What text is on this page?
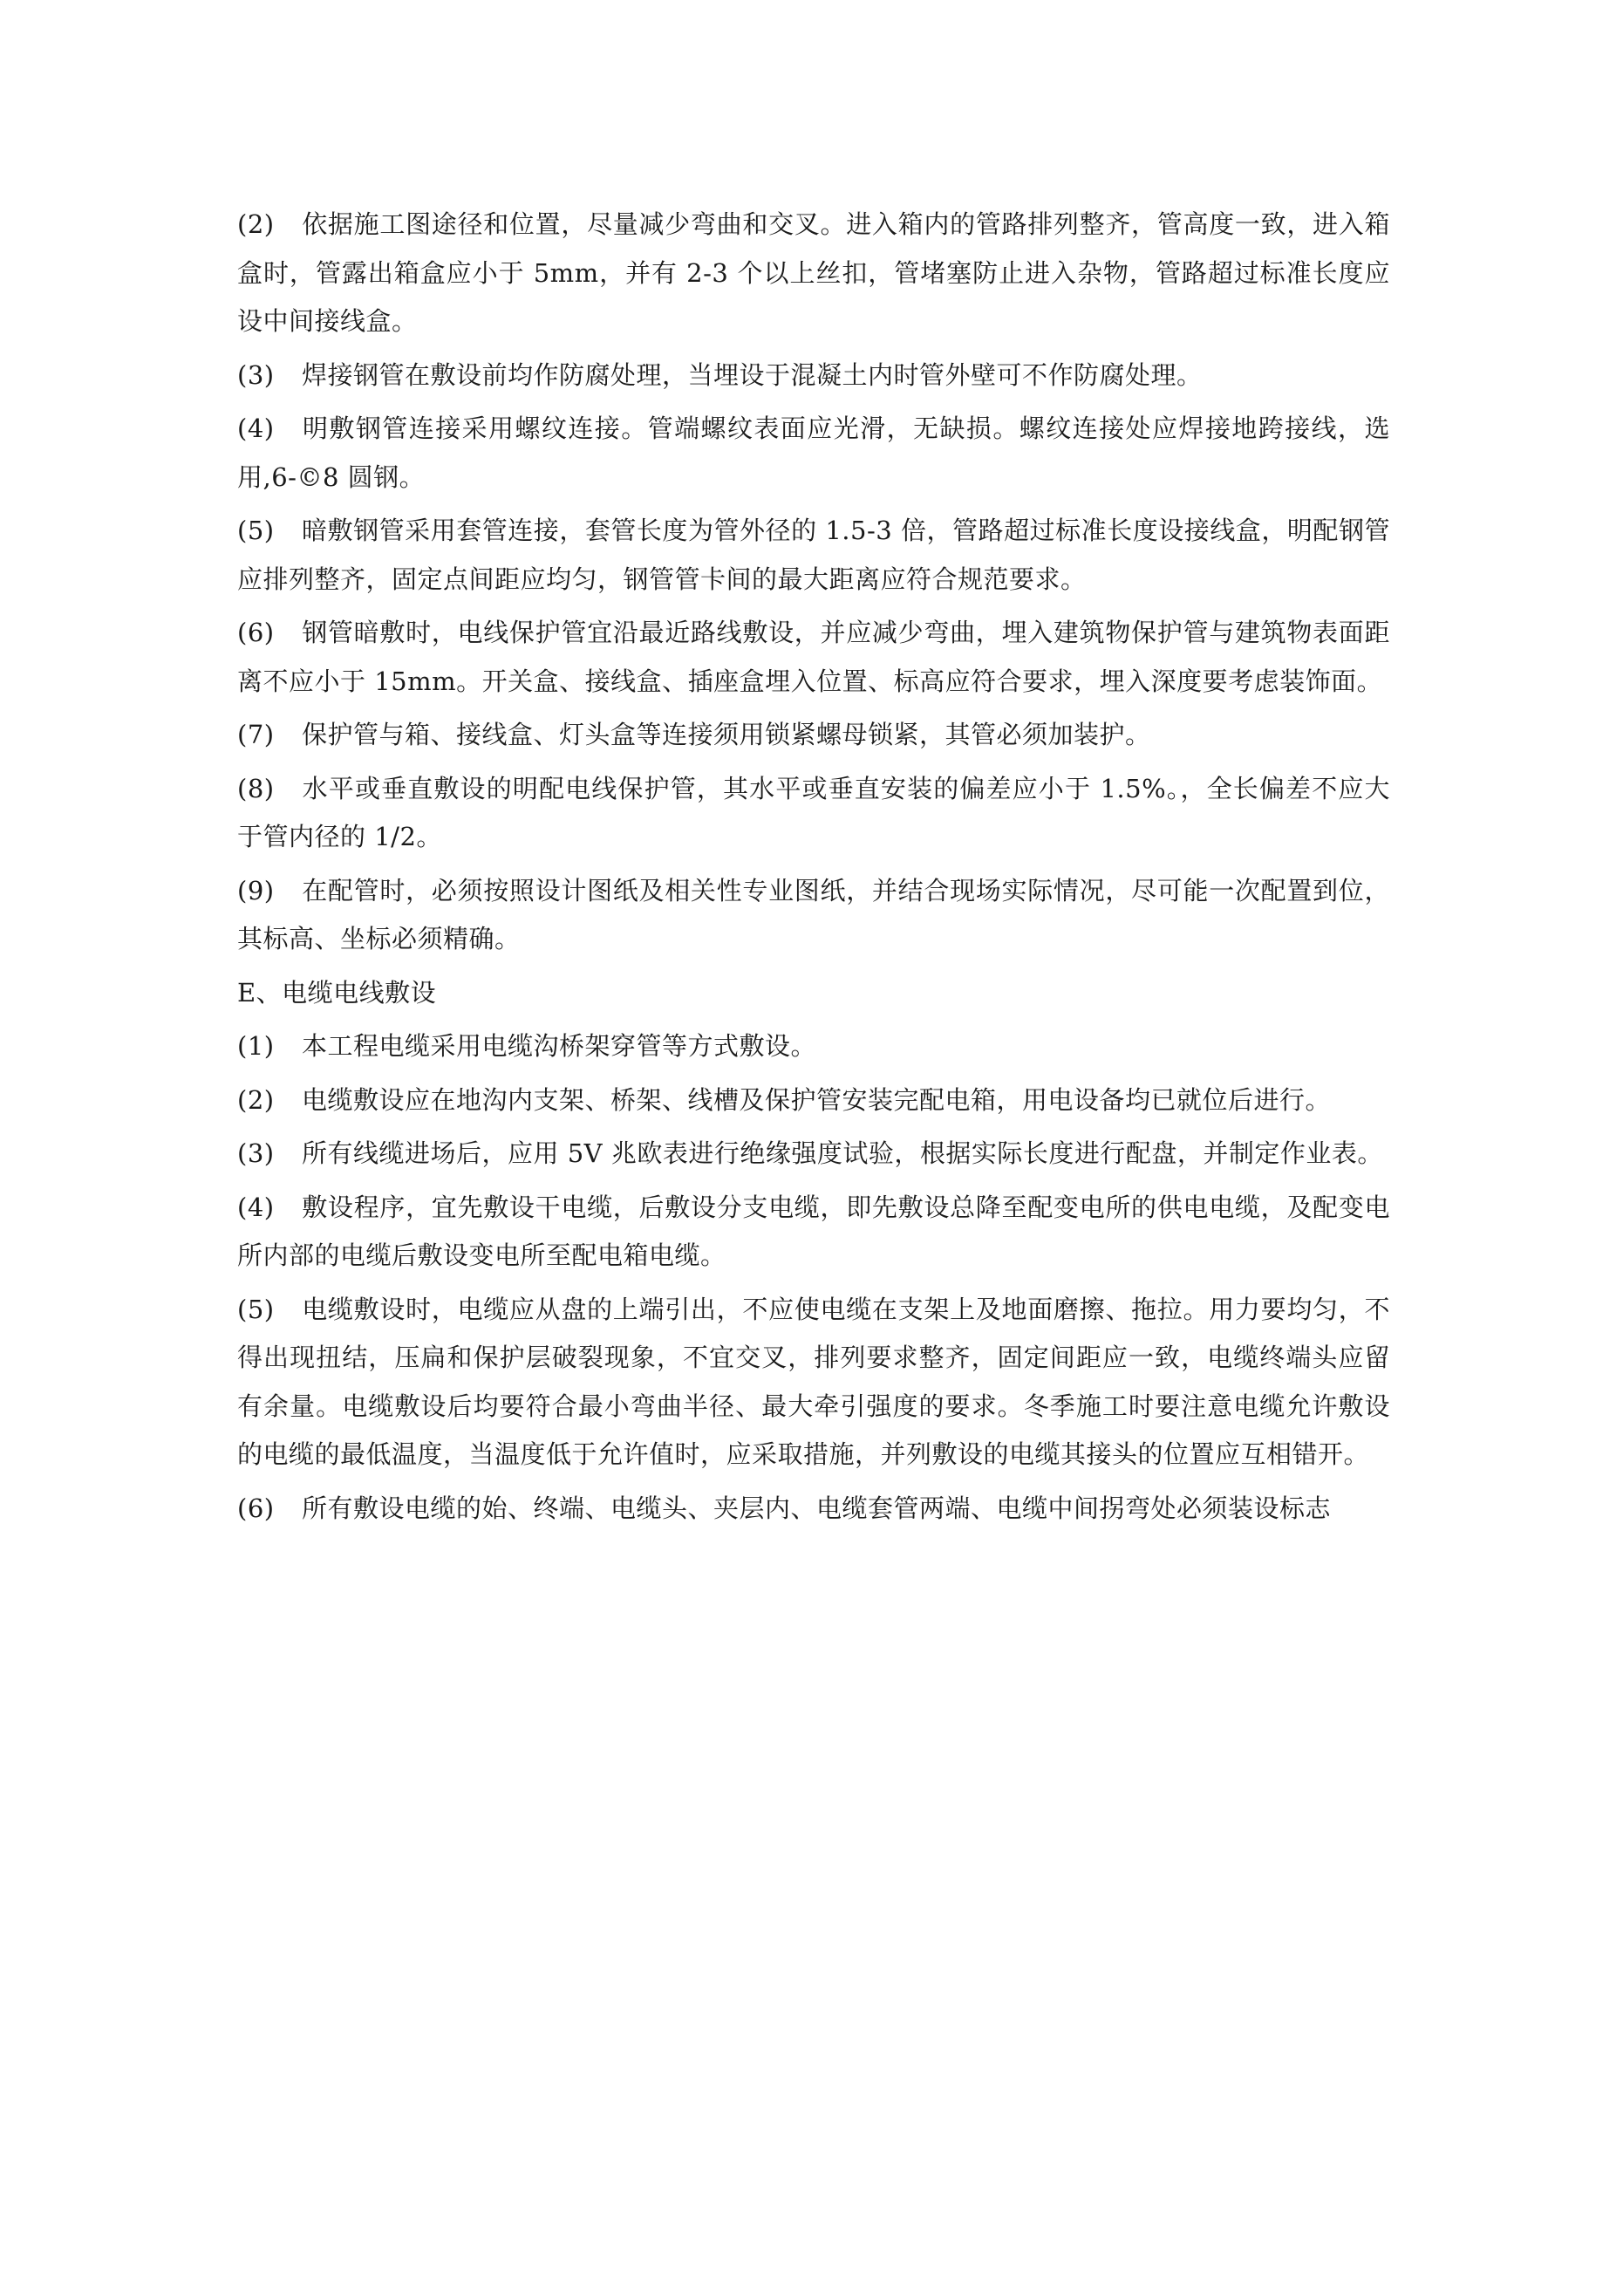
(2) 依据施工图途径和位置，尽量减少弯曲和交叉。进入箱内的管路排列整齐，管高度一致，进入箱盒时，管露出箱盒应小于 5mm，并有 2-3 个以上丝扣，管堵塞防止进入杂物，管路超过标准长度应设中间接线盒。

(3) 焊接钢管在敷设前均作防腐处理，当埋设于混凝土内时管外壁可不作防腐处理。

(4) 明敷钢管连接采用螺纹连接。管端螺纹表面应光滑，无缺损。螺纹连接处应焊接地跨接线，选用,6-©8 圆钢。

(5) 暗敷钢管采用套管连接，套管长度为管外径的 1.5-3 倍，管路超过标准长度设接线盒，明配钢管应排列整齐，固定点间距应均匀，钢管管卡间的最大距离应符合规范要求。

(6) 钢管暗敷时，电线保护管宜沿最近路线敷设，并应减少弯曲，埋入建筑物保护管与建筑物表面距离不应小于 15mm。开关盒、接线盒、插座盒埋入位置、标高应符合要求，埋入深度要考虑装饰面。

(7) 保护管与箱、接线盒、灯头盒等连接须用锁紧螺母锁紧，其管必须加装护。

(8) 水平或垂直敷设的明配电线保护管，其水平或垂直安装的偏差应小于 1.5%。，全长偏差不应大于管内径的 1/2。

(9) 在配管时，必须按照设计图纸及相关性专业图纸，并结合现场实际情况，尽可能一次配置到位，其标高、坐标必须精确。

E、电缆电线敷设

(1) 本工程电缆采用电缆沟桥架穿管等方式敷设。

(2) 电缆敷设应在地沟内支架、桥架、线槽及保护管安装完配电箱，用电设备均已就位后进行。

(3) 所有线缆进场后，应用 5V 兆欧表进行绝缘强度试验，根据实际长度进行配盘，并制定作业表。

(4) 敷设程序，宜先敷设干电缆，后敷设分支电缆，即先敷设总降至配变电所的供电电缆，及配变电所内部的电缆后敷设变电所至配电箱电缆。

(5) 电缆敷设时，电缆应从盘的上端引出，不应使电缆在支架上及地面磨擦、拖拉。用力要均匀，不得出现扭结，压扁和保护层破裂现象，不宜交叉，排列要求整齐，固定间距应一致，电缆终端头应留有余量。电缆敷设后均要符合最小弯曲半径、最大牵引强度的要求。冬季施工时要注意电缆允许敷设的电缆的最低温度，当温度低于允许值时，应采取措施，并列敷设的电缆其接头的位置应互相错开。

(6) 所有敷设电缆的始、终端、电缆头、夹层内、电缆套管两端、电缆中间拐弯处必须装设标志
